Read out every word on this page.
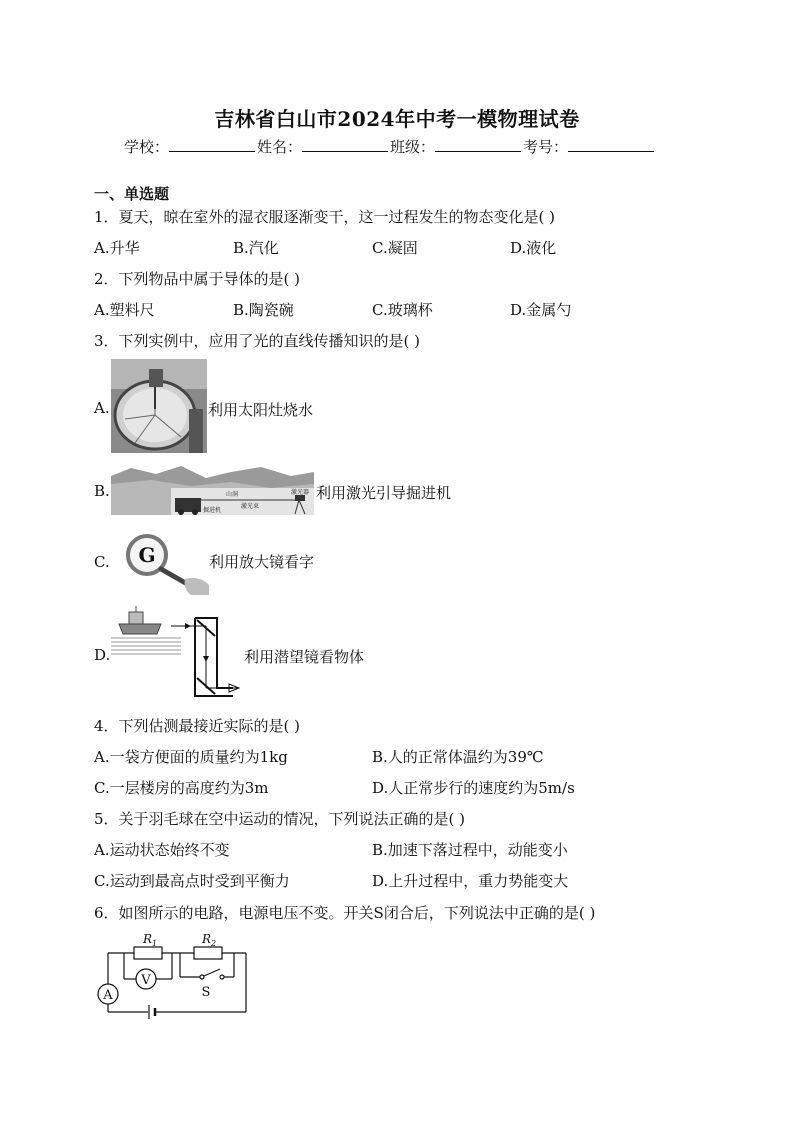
吉林省白山市2024年中考一模物理试卷
学校：	姓名：	班级：	考号：
一、单选题
1．夏天，晾在室外的湿衣服逐渐变干，这一过程发生的物态变化是( )
A.升华	B.汽化	C.凝固	D.液化
2．下列物品中属于导体的是( )
A.塑料尺	B.陶瓷碗	C.玻璃杯	D.金属勺
3．下列实例中，应用了光的直线传播知识的是( )
A.	利用太阳灶烧水
B.	山洞
激光束
掘进机
激光器 利用激光引导掘进机
C. G	利用放大镜看字
D.	利用潜望镜看物体
4．下列估测最接近实际的是( )
A.一袋方便面的质量约为1kg	B.人的正常体温约为39℃
C.一层楼房的高度约为3m	D.人正常步行的速度约为5m/s
5．关于羽毛球在空中运动的情况，下列说法正确的是( )
A.运动状态始终不变	B.加速下落过程中，动能变小
C.运动到最高点时受到平衡力	D.上升过程中，重力势能变大
6．如图所示的电路，电源电压不变。开关S闭合后，下列说法中正确的是( )
A
V
S
$R_1$	$R_2$
